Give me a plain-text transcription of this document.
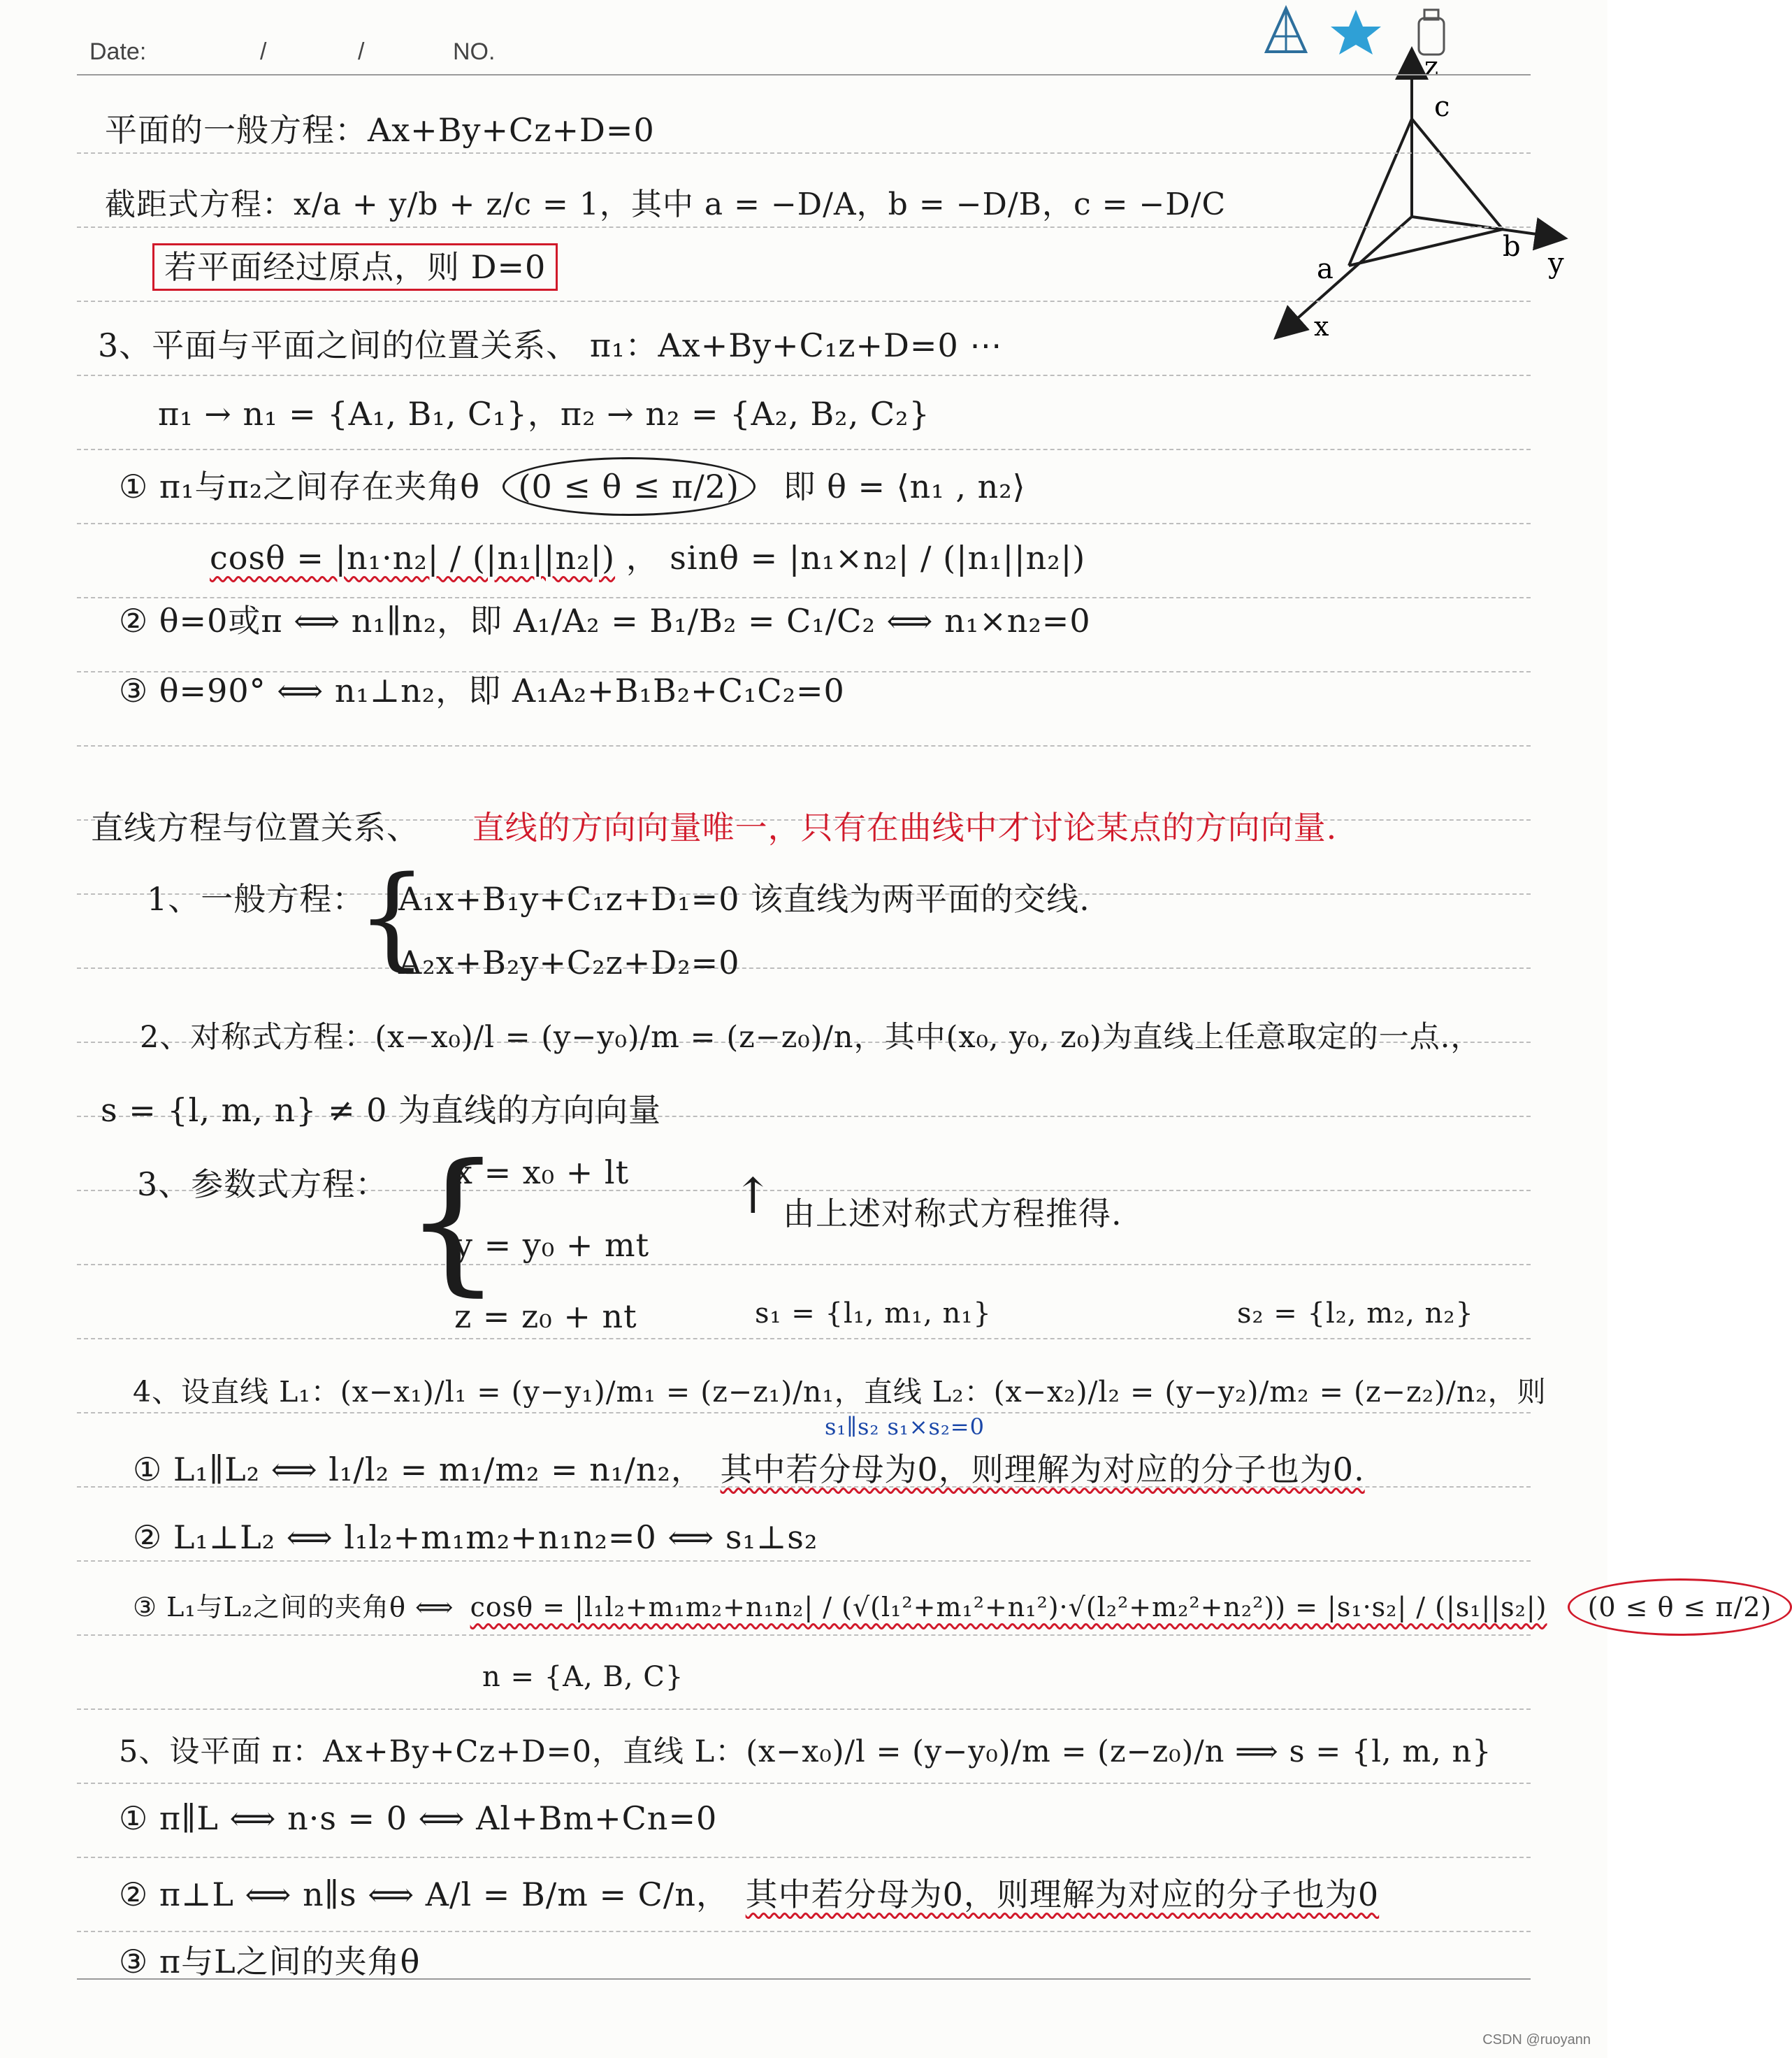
Date:	/	/	NO.	z
y
x
a
b
c
平面的一般方程：Ax+By+Cz+D=0
截距式方程：x/a + y/b + z/c = 1，其中 a = −D/A，b = −D/B，c = −D/C
若平面经过原点，则 D=0
3、平面与平面之间的位置关系、 π₁：Ax+By+C₁z+D=0 ⋯
π₁ → n₁ = {A₁, B₁, C₁}，π₂ → n₂ = {A₂, B₂, C₂}
① π₁与π₂之间存在夹角θ (0 ≤ θ ≤ π/2) 即 θ = ⟨n₁ , n₂⟩
cosθ = |n₁·n₂| / (|n₁||n₂|) ， sinθ = |n₁×n₂| / (|n₁||n₂|)
② θ=0或π ⟺ n₁∥n₂，即 A₁/A₂ = B₁/B₂ = C₁/C₂ ⟺ n₁×n₂=0
③ θ=90° ⟺ n₁⊥n₂，即 A₁A₂+B₁B₂+C₁C₂=0
直线方程与位置关系、 直线的方向向量唯一，只有在曲线中才讨论某点的方向向量.
1、一般方程：
{
A₁x+B₁y+C₁z+D₁=0 该直线为两平面的交线.
A₂x+B₂y+C₂z+D₂=0
2、对称式方程：(x−x₀)/l = (y−y₀)/m = (z−z₀)/n，其中(x₀, y₀, z₀)为直线上任意取定的一点.，
s = {l, m, n} ≠ 0 为直线的方向向量
3、参数式方程： {
x = x₀ + lt ↑ 由上述对称式方程推得.
y = y₀ + mt
z = z₀ + nt	s₁ = {l₁, m₁, n₁}	s₂ = {l₂, m₂, n₂}
4、设直线 L₁：(x−x₁)/l₁ = (y−y₁)/m₁ = (z−z₁)/n₁，直线 L₂：(x−x₂)/l₂ = (y−y₂)/m₂ = (z−z₂)/n₂，则
s₁∥s₂ s₁×s₂=0
① L₁∥L₂ ⟺ l₁/l₂ = m₁/m₂ = n₁/n₂， 其中若分母为0，则理解为对应的分子也为0.
② L₁⊥L₂ ⟺ l₁l₂+m₁m₂+n₁n₂=0 ⟺ s₁⊥s₂
③ L₁与L₂之间的夹角θ ⟺ cosθ = |l₁l₂+m₁m₂+n₁n₂| / (√(l₁²+m₁²+n₁²)·√(l₂²+m₂²+n₂²)) = |s₁·s₂| / (|s₁||s₂|) (0 ≤ θ ≤ π/2)
n = {A, B, C}
5、设平面 π：Ax+By+Cz+D=0，直线 L：(x−x₀)/l = (y−y₀)/m = (z−z₀)/n ⟹ s = {l, m, n}
① π∥L ⟺ n·s = 0 ⟺ Al+Bm+Cn=0
② π⊥L ⟺ n∥s ⟺ A/l = B/m = C/n， 其中若分母为0，则理解为对应的分子也为0
③ π与L之间的夹角θ
CSDN @ruoyann
